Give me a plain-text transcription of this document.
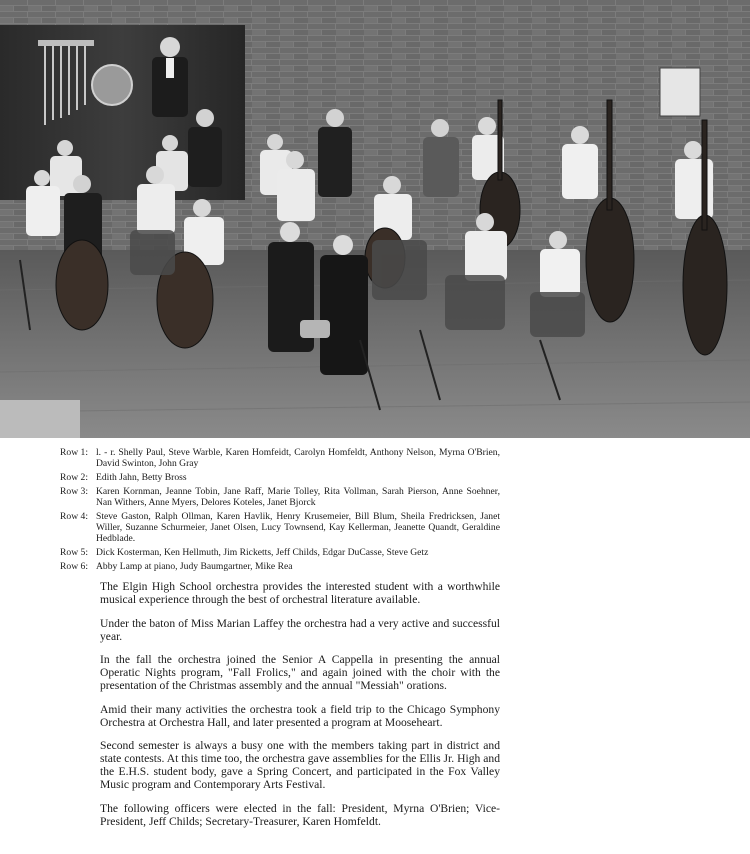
Row 1: l. - r. Shelly Paul, Steve Warble, Karen Homfeidt, Carolyn Homfeldt, Anthony Nelson, Myrna O'Brien, David Swinton, John Gray
Row 2: Edith Jahn, Betty Bross
Row 3: Karen Kornman, Jeanne Tobin, Jane Raff, Marie Tolley, Rita Vollman, Sarah Pierson, Anne Soehner, Nan Withers, Anne Myers, Delores Koteles, Janet Bjorck
Row 4: Steve Gaston, Ralph Ollman, Karen Havlik, Henry Krusemeier, Bill Blum, Sheila Fredricksen, Janet Willer, Suzanne Schurmeier, Janet Olsen, Lucy Townsend, Kay Kellerman, Jeanette Quandt, Geraldine Hedblade.
Row 5: Dick Kosterman, Ken Hellmuth, Jim Ricketts, Jeff Childs, Edgar DuCasse, Steve Getz
Row 6: Abby Lamp at piano, Judy Baumgartner, Mike Rea

The Elgin High School orchestra provides the interested student with a worthwhile musical experience through the best of orchestral literature available.

Under the baton of Miss Marian Laffey the orchestra had a very active and successful year.

In the fall the orchestra joined the Senior A Cappella in presenting the annual Operatic Nights program, "Fall Frolics," and again joined with the choir with the presentation of the Christmas assembly and the annual "Messiah" orations.

Amid their many activities the orchestra took a field trip to the Chicago Symphony Orchestra at Orchestra Hall, and later presented a program at Mooseheart.

Second semester is always a busy one with the members taking part in district and state contests. At this time too, the orchestra gave assemblies for the Ellis Jr. High and the E.H.S. student body, gave a Spring Concert, and participated in the Fox Valley Music program and Contemporary Arts Festival.

The following officers were elected in the fall: President, Myrna O'Brien; Vice-President, Jeff Childs; Secretary-Treasurer, Karen Homfeldt.
